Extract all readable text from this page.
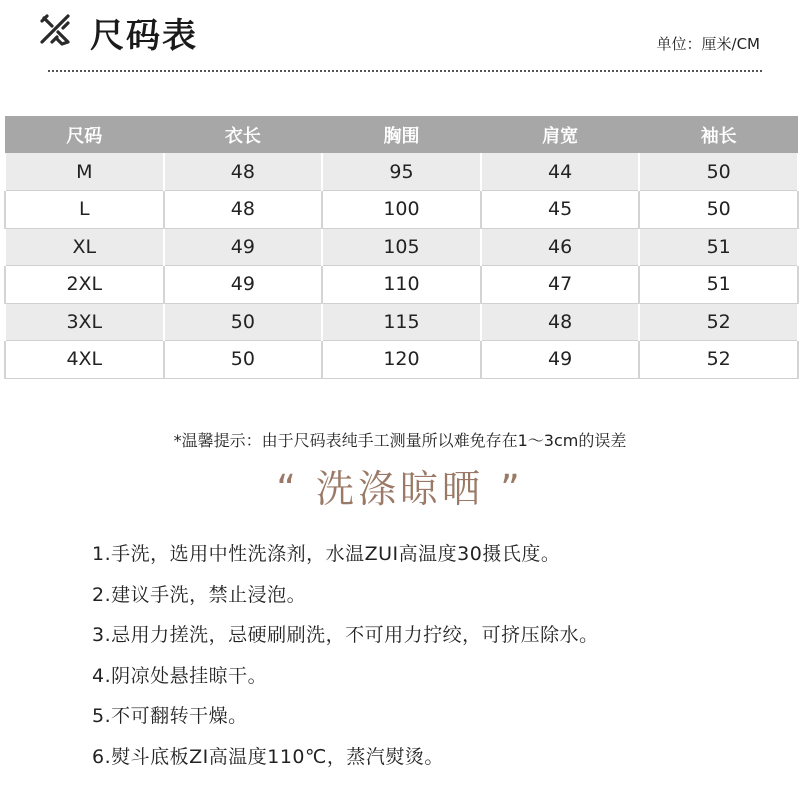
尺码表	单位：厘米/CM
尺码	衣长	胸围	肩宽	袖长
M	48	95	44	50
L	48	100	45	50
XL	49	105	46	51
2XL	49	110	47	51
3XL	50	115	48	52
4XL	50	120	49	52
*温馨提示：由于尺码表纯手工测量所以难免存在1～3cm的误差
“ 洗涤晾晒 ”
1.手洗，选用中性洗涤剂，水温ZUI高温度30摄氏度。
2.建议手洗，禁止浸泡。
3.忌用力搓洗，忌硬刷刷洗，不可用力拧绞，可挤压除水。
4.阴凉处悬挂晾干。
5.不可翻转干燥。
6.熨斗底板ZI高温度110℃，蒸汽熨烫。
